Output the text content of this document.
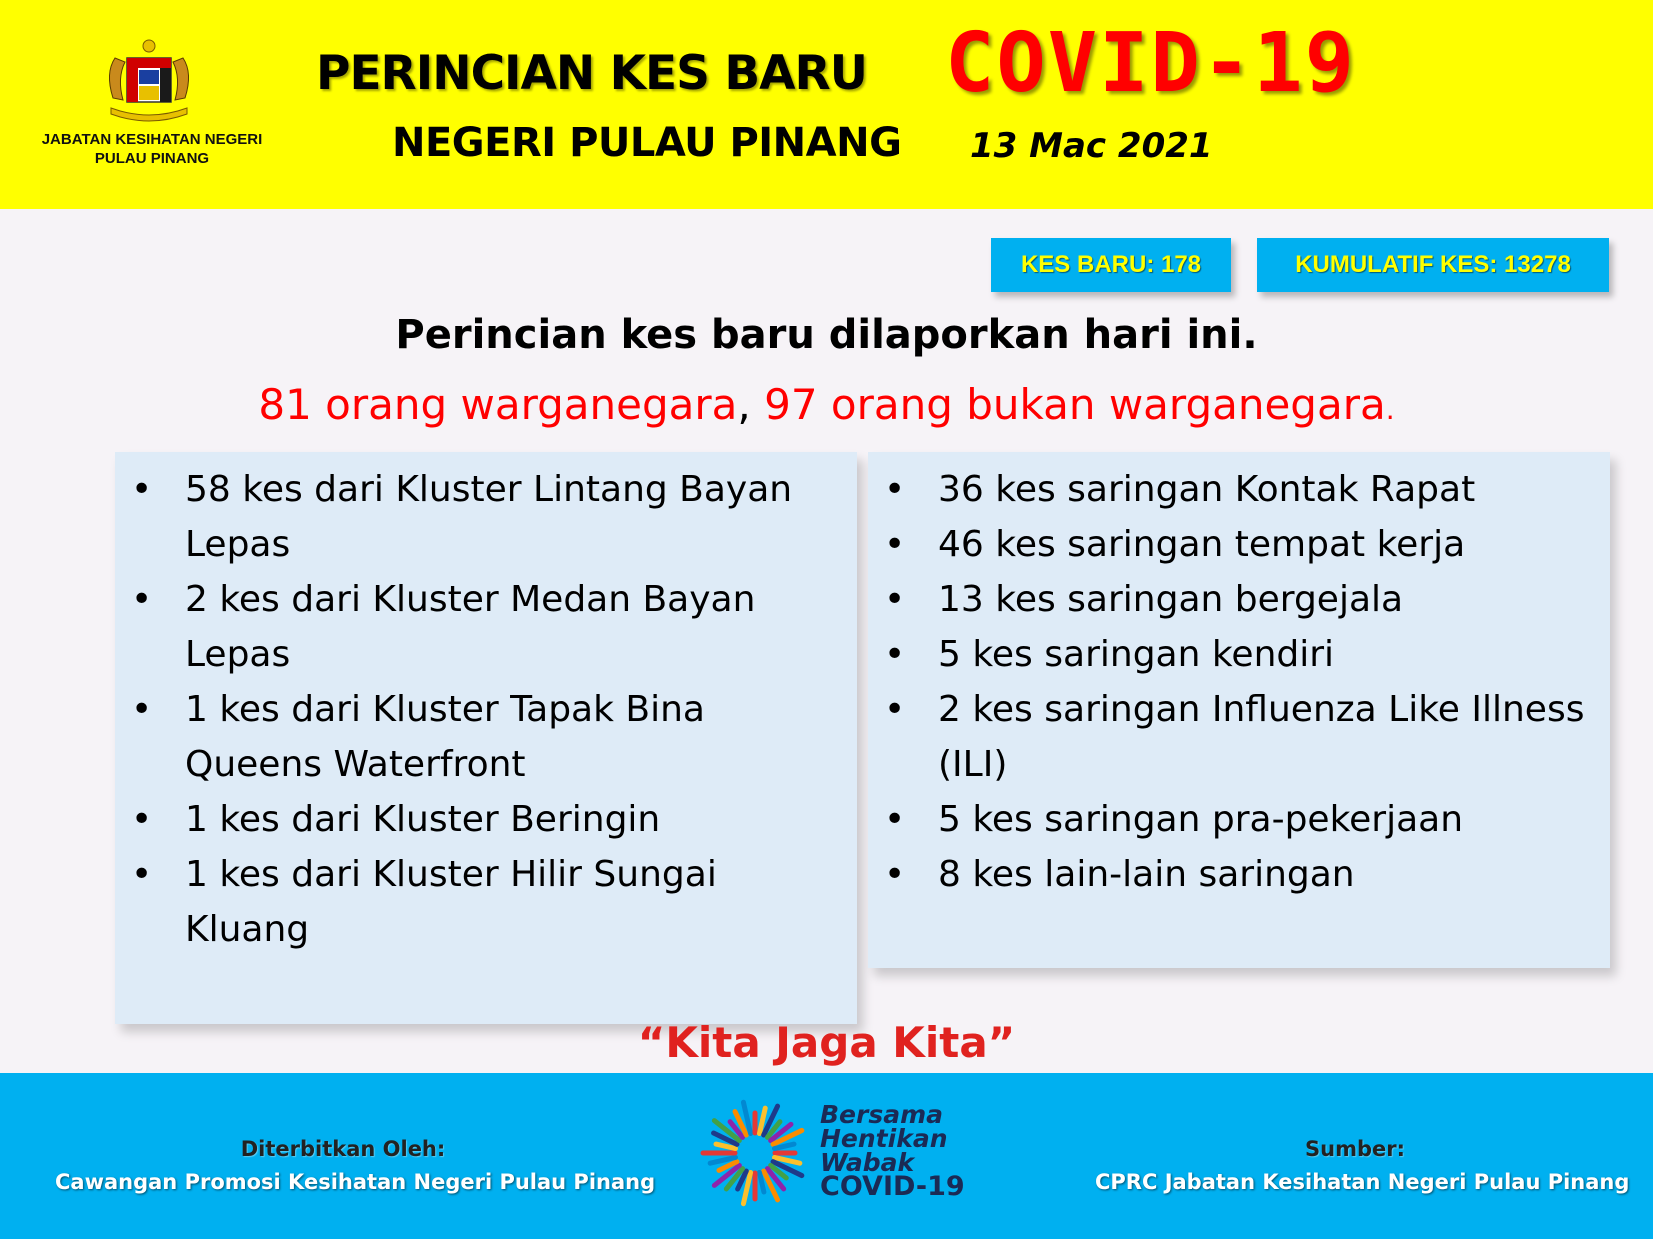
JABATAN KESIHATAN NEGERI
PULAU PINANG
PERINCIAN KES BARU COVID-19
NEGERI PULAU PINANG 13 Mac 2021
KES BARU: 178	KUMULATIF KES: 13278
Perincian kes baru dilaporkan hari ini.
81 orang warganegara, 97 orang bukan warganegara.
• 58 kes dari Kluster Lintang Bayan Lepas
• 2 kes dari Kluster Medan Bayan Lepas
• 1 kes dari Kluster Tapak Bina Queens Waterfront
• 1 kes dari Kluster Beringin
• 1 kes dari Kluster Hilir Sungai Kluang
• 36 kes saringan Kontak Rapat
• 46 kes saringan tempat kerja
• 13 kes saringan bergejala
• 5 kes saringan kendiri
• 2 kes saringan Influenza Like Illness (ILI)
• 5 kes saringan pra-pekerjaan
• 8 kes lain-lain saringan
“Kita Jaga Kita”
Diterbitkan Oleh:
Cawangan Promosi Kesihatan Negeri Pulau Pinang
Bersama
Hentikan
Wabak
COVID-19
Sumber:
CPRC Jabatan Kesihatan Negeri Pulau Pinang
